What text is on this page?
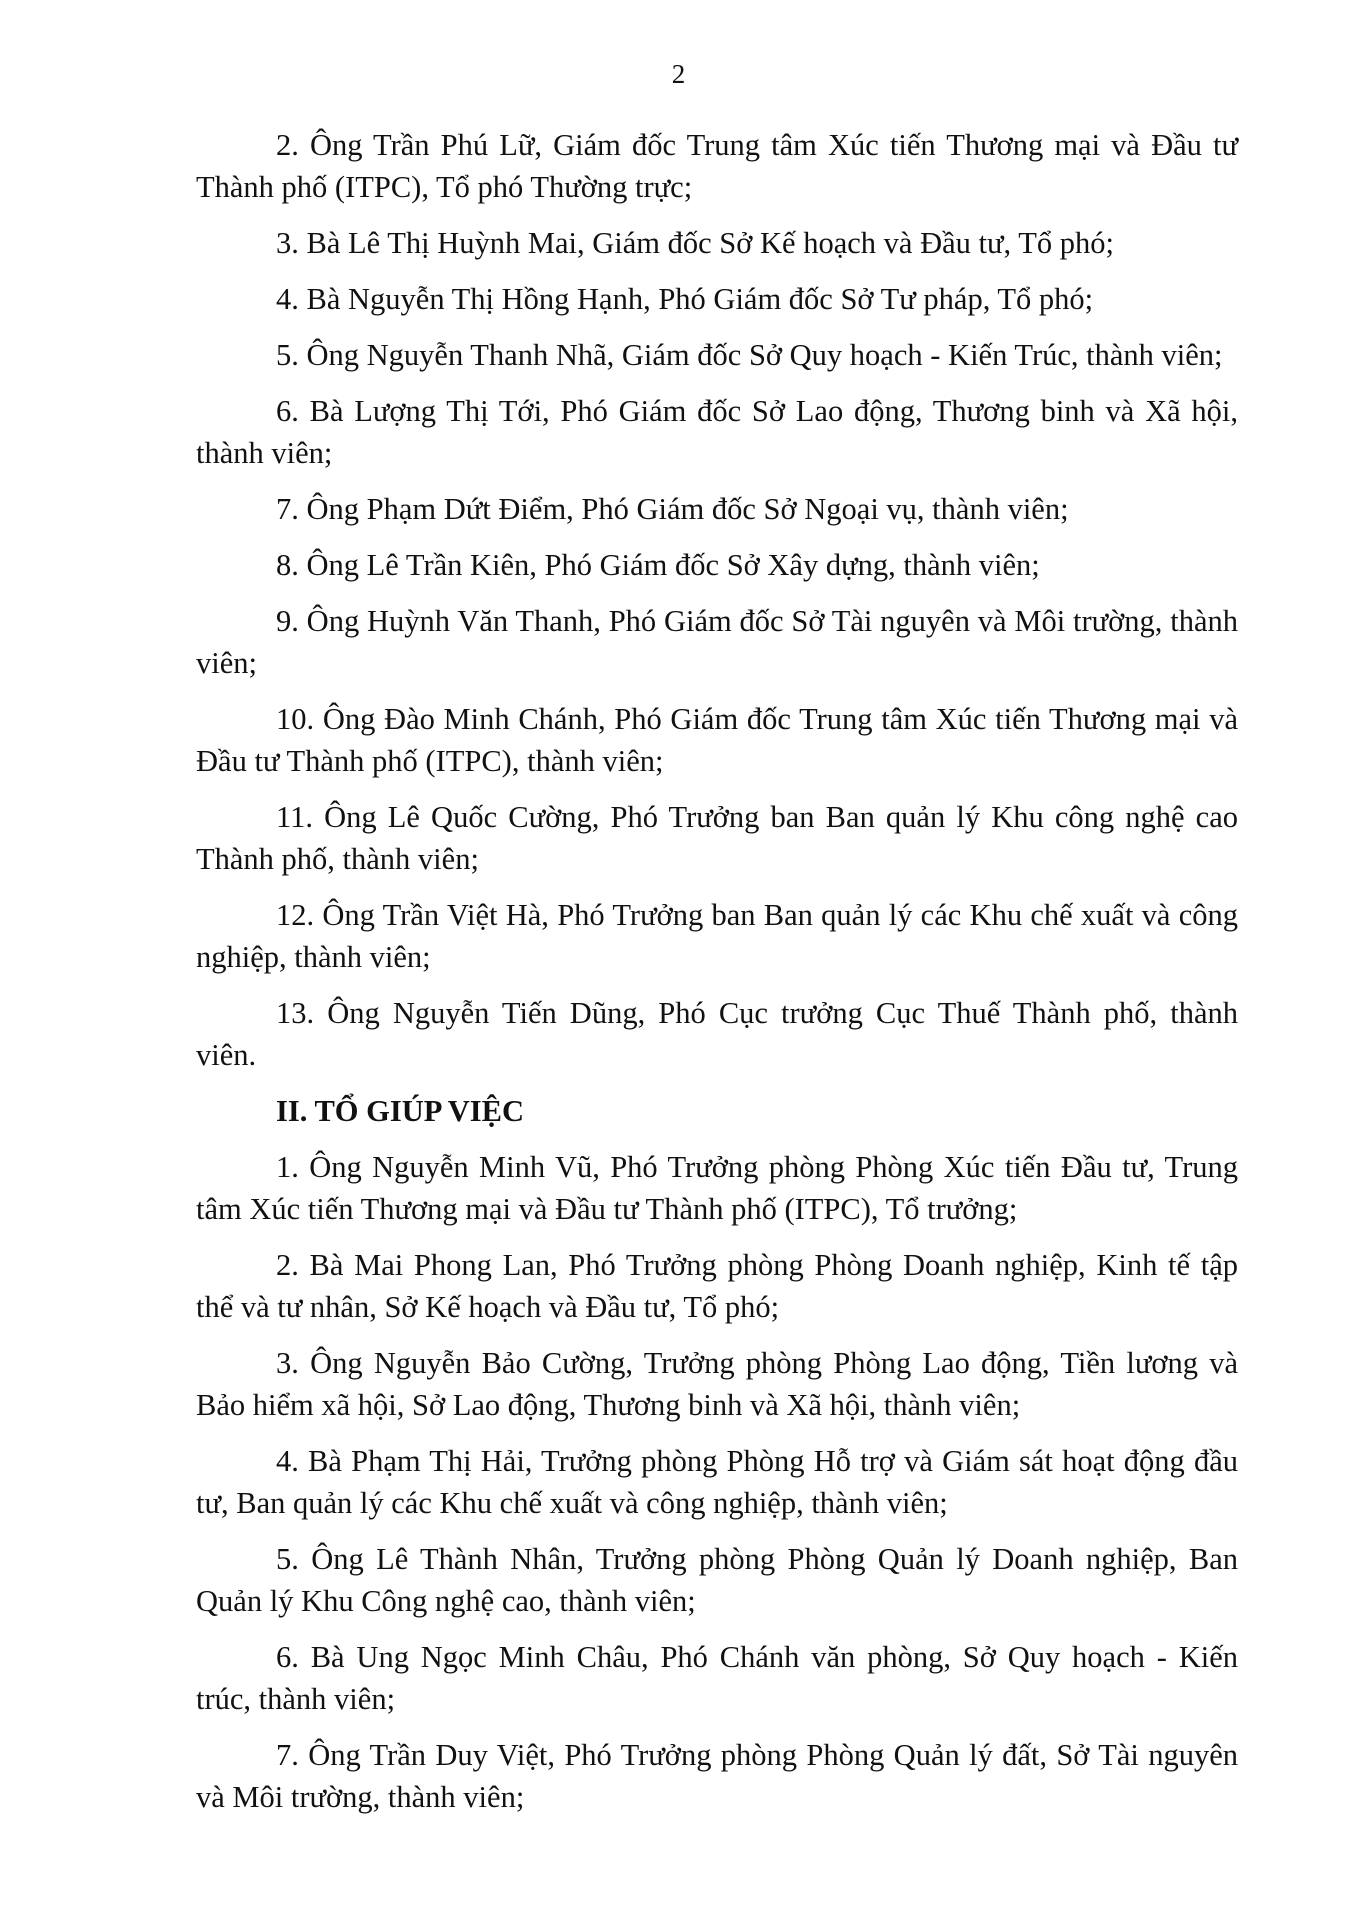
2

2. Ông Trần Phú Lữ, Giám đốc Trung tâm Xúc tiến Thương mại và Đầu tư Thành phố (ITPC), Tổ phó Thường trực;

3. Bà Lê Thị Huỳnh Mai, Giám đốc Sở Kế hoạch và Đầu tư, Tổ phó;

4. Bà Nguyễn Thị Hồng Hạnh, Phó Giám đốc Sở Tư pháp, Tổ phó;

5. Ông Nguyễn Thanh Nhã, Giám đốc Sở Quy hoạch - Kiến Trúc, thành viên;

6. Bà Lượng Thị Tới, Phó Giám đốc Sở Lao động, Thương binh và Xã hội, thành viên;

7. Ông Phạm Dứt Điểm, Phó Giám đốc Sở Ngoại vụ, thành viên;

8. Ông Lê Trần Kiên, Phó Giám đốc Sở Xây dựng, thành viên;

9. Ông Huỳnh Văn Thanh, Phó Giám đốc Sở Tài nguyên và Môi trường, thành viên;

10. Ông Đào Minh Chánh, Phó Giám đốc Trung tâm Xúc tiến Thương mại và Đầu tư Thành phố (ITPC), thành viên;

11. Ông Lê Quốc Cường, Phó Trưởng ban Ban quản lý Khu công nghệ cao Thành phố, thành viên;

12. Ông Trần Việt Hà, Phó Trưởng ban Ban quản lý các Khu chế xuất và công nghiệp, thành viên;

13. Ông Nguyễn Tiến Dũng, Phó Cục trưởng Cục Thuế Thành phố, thành viên.

II. TỔ GIÚP VIỆC

1. Ông Nguyễn Minh Vũ, Phó Trưởng phòng Phòng Xúc tiến Đầu tư, Trung tâm Xúc tiến Thương mại và Đầu tư Thành phố (ITPC), Tổ trưởng;

2. Bà Mai Phong Lan, Phó Trưởng phòng Phòng Doanh nghiệp, Kinh tế tập thể và tư nhân, Sở Kế hoạch và Đầu tư, Tổ phó;

3. Ông Nguyễn Bảo Cường, Trưởng phòng Phòng Lao động, Tiền lương và Bảo hiểm xã hội, Sở Lao động, Thương binh và Xã hội, thành viên;

4. Bà Phạm Thị Hải, Trưởng phòng Phòng Hỗ trợ và Giám sát hoạt động đầu tư, Ban quản lý các Khu chế xuất và công nghiệp, thành viên;

5. Ông Lê Thành Nhân, Trưởng phòng Phòng Quản lý Doanh nghiệp, Ban Quản lý Khu Công nghệ cao, thành viên;

6. Bà Ung Ngọc Minh Châu, Phó Chánh văn phòng, Sở Quy hoạch - Kiến trúc, thành viên;

7. Ông Trần Duy Việt, Phó Trưởng phòng Phòng Quản lý đất, Sở Tài nguyên và Môi trường, thành viên;
